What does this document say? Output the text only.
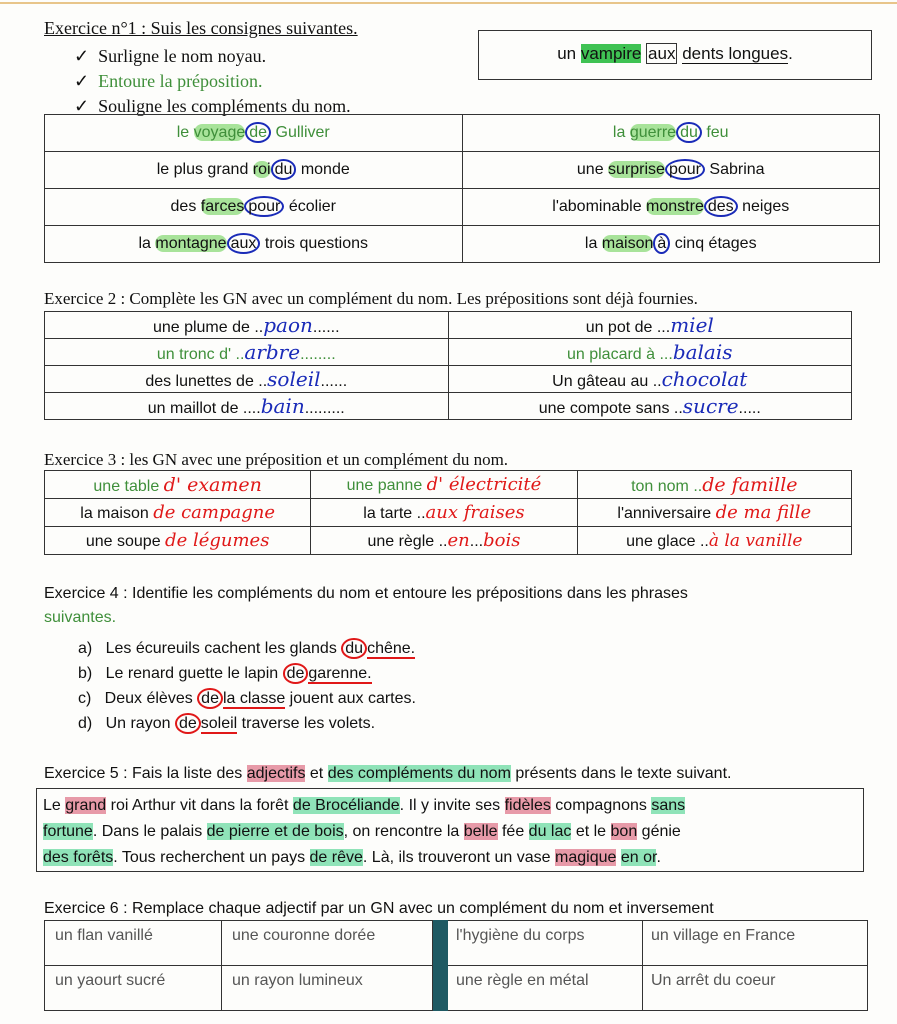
Exercice n°1 : Suis les consignes suivantes.
✓ Surligne le nom noyau.
✓ Entoure la préposition.
✓ Souligne les compléments du nom.
un vampire aux dents longues.
le voyage de Gulliver	la guerre du feu
le plus grand roi du monde	une surprise pour Sabrina
des farces pour écolier	l'abominable monstre des neiges
la montagne aux trois questions	la maison à cinq étages
Exercice 2 : Complète les GN avec un complément du nom. Les prépositions sont déjà fournies.
une plume de ..paon......	un pot de ...miel
un tronc d' ..arbre........	un placard à ...balais
des lunettes de ..soleil......	Un gâteau au ..chocolat
un maillot de ....bain.........	une compote sans ..sucre.....
Exercice 3 : les GN avec une préposition et un complément du nom.
une table d' examen	une panne d' électricité	ton nom ..de famille
la maison de campagne	la tarte ..aux fraises	l'anniversaire de ma fille
une soupe de légumes	une règle ..en...bois	une glace ..à la vanille
Exercice 4 : Identifie les compléments du nom et entoure les prépositions dans les phrases
suivantes.
a) Les écureuils cachent les glands du chêne.
b) Le renard guette le lapin de garenne.
c) Deux élèves de la classe jouent aux cartes.
d) Un rayon de soleil traverse les volets.
Exercice 5 : Fais la liste des adjectifs et des compléments du nom présents dans le texte suivant.
Le grand roi Arthur vit dans la forêt de Brocéliande. Il y invite ses fidèles compagnons sans
fortune. Dans le palais de pierre et de bois, on rencontre la belle fée du lac et le bon génie
des forêts. Tous recherchent un pays de rêve. Là, ils trouveront un vase magique en or.
Exercice 6 : Remplace chaque adjectif par un GN avec un complément du nom et inversement
un flan vanillé	une couronne dorée		l'hygiène du corps	un village en France
un yaourt sucré	un rayon lumineux		une règle en métal	Un arrêt du coeur
